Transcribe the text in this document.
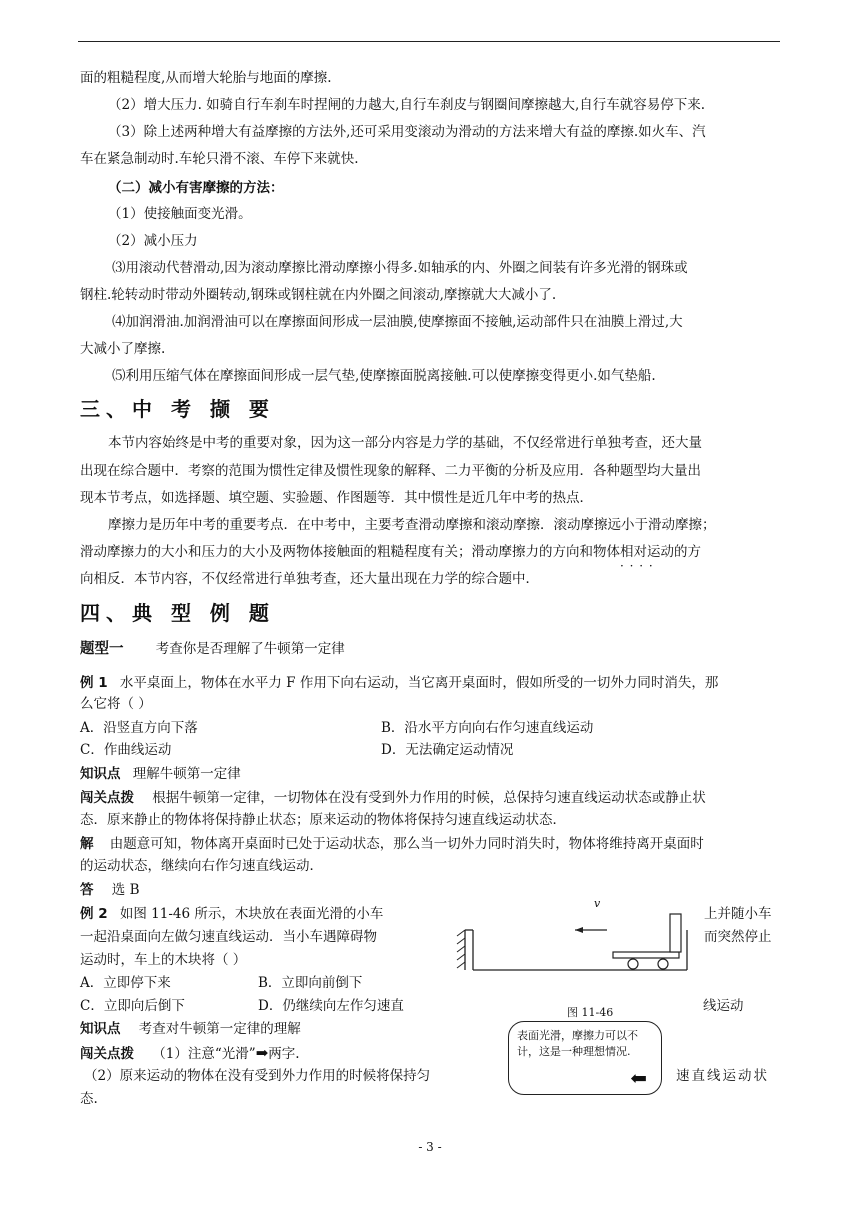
面的粗糙程度,从而增大轮胎与地面的摩擦.
（2）增大压力. 如骑自行车刹车时捏闸的力越大,自行车刹皮与钢圈间摩擦越大,自行车就容易停下来.
（3）除上述两种增大有益摩擦的方法外,还可采用变滚动为滑动的方法来增大有益的摩擦.如火车、汽
车在紧急制动时.车轮只滑不滚、车停下来就快.
（二）减小有害摩擦的方法：
（1）使接触面变光滑。
（2）减小压力
⑶用滚动代替滑动,因为滚动摩擦比滑动摩擦小得多.如轴承的内、外圈之间装有许多光滑的钢珠或
钢柱.轮转动时带动外圈转动,钢珠或钢柱就在内外圈之间滚动,摩擦就大大减小了.
⑷加润滑油.加润滑油可以在摩擦面间形成一层油膜,使摩擦面不接触,运动部件只在油膜上滑过,大
大减小了摩擦.
⑸利用压缩气体在摩擦面间形成一层气垫,使摩擦面脱离接触.可以使摩擦变得更小.如气垫船.
三、中 考 撷 要
本节内容始终是中考的重要对象，因为这一部分内容是力学的基础，不仅经常进行单独考查，还大量
出现在综合题中．考察的范围为惯性定律及惯性现象的解释、二力平衡的分析及应用．各种题型均大量出
现本节考点，如选择题、填空题、实验题、作图题等．其中惯性是近几年中考的热点．
摩擦力是历年中考的重要考点．在中考中，主要考查滑动摩擦和滚动摩擦．滚动摩擦远小于滑动摩擦；
滑动摩擦力的大小和压力的大小及两物体接触面的粗糙程度有关；滑动摩擦力的方向和物体相对运动 · · · ·的方
向相反．本节内容，不仅经常进行单独考查，还大量出现在力学的综合题中．
四、典 型 例 题
题型一 考查你是否理解了牛顿第一定律
例 1 水平桌面上，物体在水平力 F 作用下向右运动，当它离开桌面时，假如所受的一切外力同时消失，那
么它将（ ）
A．沿竖直方向下落	B．沿水平方向向右作匀速直线运动
C．作曲线运动	D．无法确定运动情况
知识点 理解牛顿第一定律
闯关点拨 根据牛顿第一定律，一切物体在没有受到外力作用的时候，总保持匀速直线运动状态或静止状
态．原来静止的物体将保持静止状态；原来运动的物体将保持匀速直线运动状态．
解 由题意可知，物体离开桌面时已处于运动状态，那么当一切外力同时消失时，物体将维持离开桌面时
的运动状态，继续向右作匀速直线运动．
答 选 B
例 2 如图 11-46 所示，木块放在表面光滑的小车	上并随小车
一起沿桌面向左做匀速直线运动．当小车遇障碍物	而突然停止
运动时，车上的木块将（ ）
A．立即停下来	B．立即向前倒下
C．立即向后倒下	D．仍继续向左作匀速直	线运动
知识点 考查对牛顿第一定律的理解
闯关点拨 （1）注意“光滑”➡两字.
（2）原来运动的物体在没有受到外力作用的时候将保持匀	速直线运动状
态.
v
图 11-46
表面光滑，摩擦力可以不计，这是一种理想情况.
⬅
- 3 -
